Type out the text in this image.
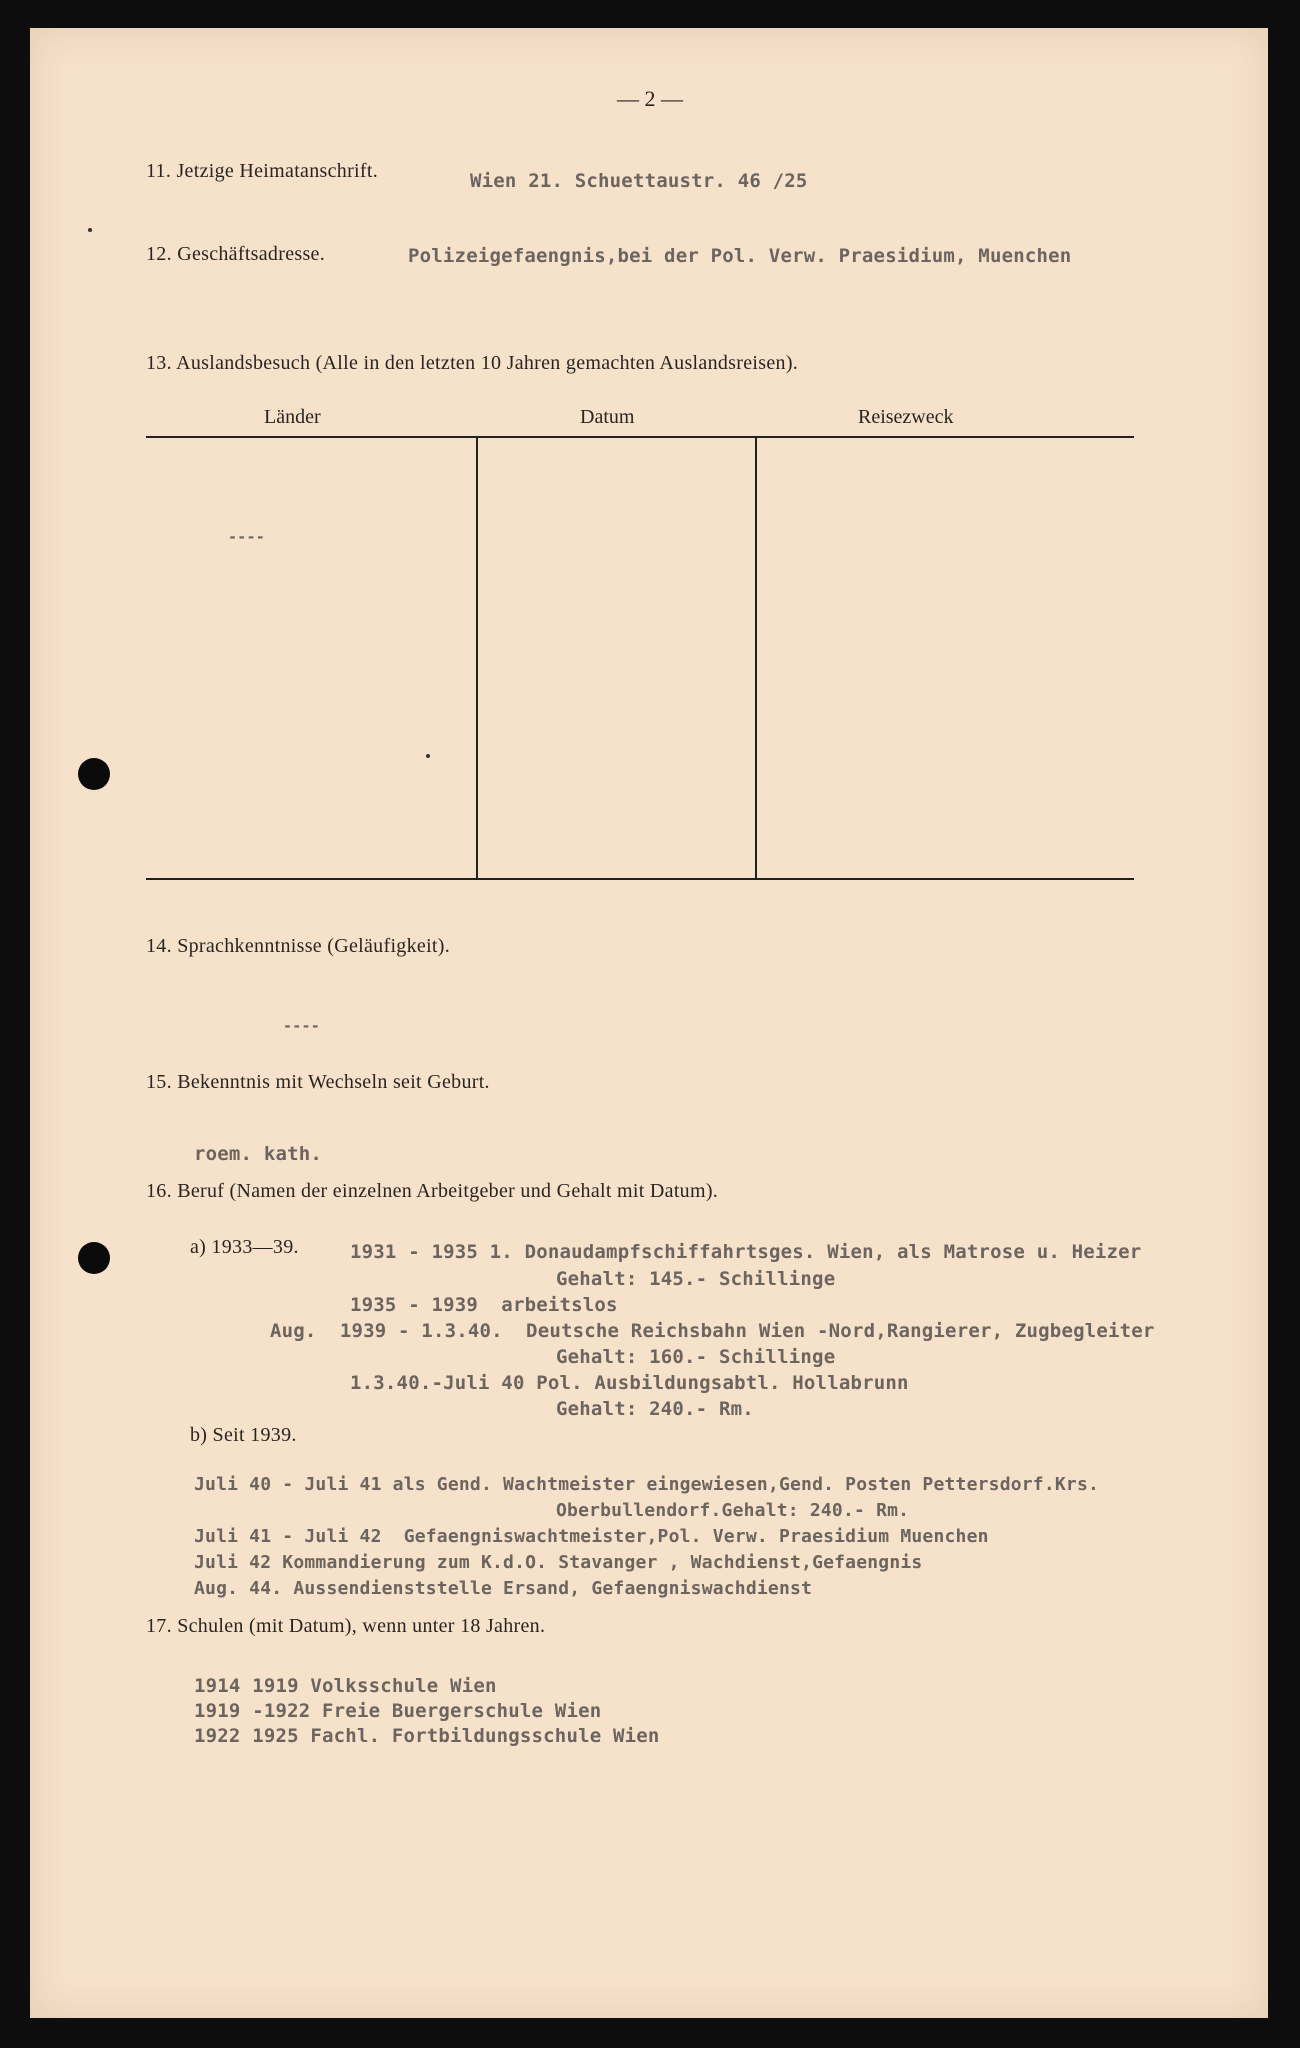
— 2 —
11. Jetzige Heimatanschrift.	Wien 21. Schuettaustr. 46 /25
12. Geschäftsadresse.	Polizeigefaengnis,bei der Pol. Verw. Praesidium, Muenchen
13. Auslandsbesuch (Alle in den letzten 10 Jahren gemachten Auslandsreisen).
Länder	Datum	Reisezweck
----
14. Sprachkenntnisse (Geläufigkeit).
----
15. Bekenntnis mit Wechseln seit Geburt.
roem. kath.
16. Beruf (Namen der einzelnen Arbeitgeber und Gehalt mit Datum).
a) 1933—39.	1931 - 1935 1. Donaudampfschiffahrtsges. Wien, als Matrose u. Heizer
Gehalt: 145.- Schillinge
1935 - 1939  arbeitslos
Aug.  1939 - 1.3.40.  Deutsche Reichsbahn Wien -Nord,Rangierer, Zugbegleiter
Gehalt: 160.- Schillinge
1.3.40.-Juli 40 Pol. Ausbildungsabtl. Hollabrunn
Gehalt: 240.- Rm.
b) Seit 1939.
Juli 40 - Juli 41 als Gend. Wachtmeister eingewiesen,Gend. Posten Pettersdorf.Krs.
Oberbullendorf.Gehalt: 240.- Rm.
Juli 41 - Juli 42  Gefaengniswachtmeister,Pol. Verw. Praesidium Muenchen
Juli 42 Kommandierung zum K.d.O. Stavanger , Wachdienst,Gefaengnis
Aug. 44. Aussendienststelle Ersand, Gefaengniswachdienst
17. Schulen (mit Datum), wenn unter 18 Jahren.
1914 1919 Volksschule Wien
1919 -1922 Freie Buergerschule Wien
1922 1925 Fachl. Fortbildungsschule Wien
